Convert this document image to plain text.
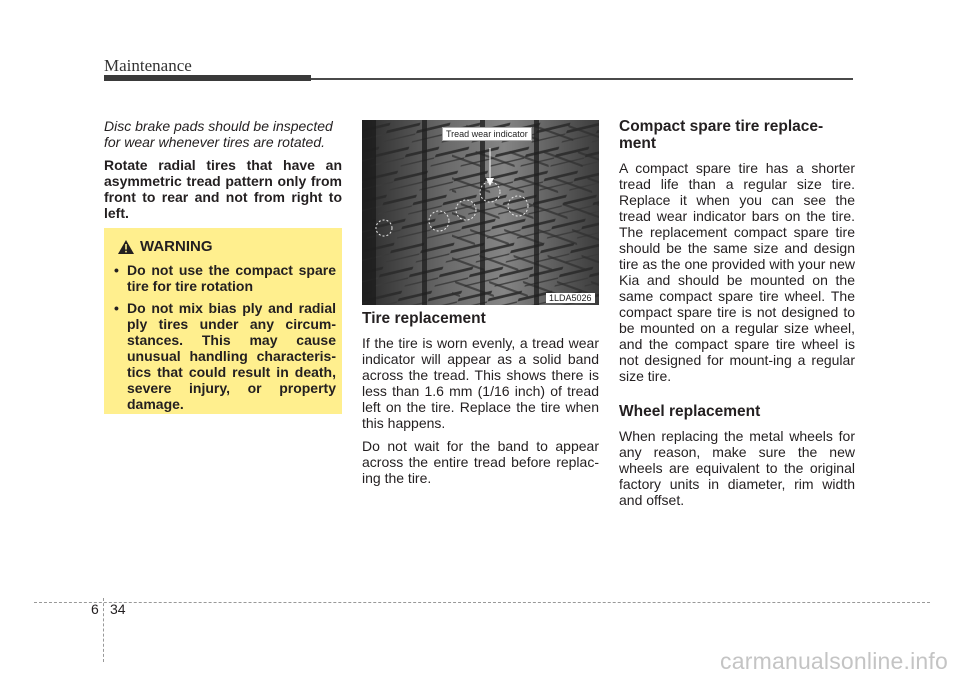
Maintenance

Disc brake pads should be inspected for wear whenever tires are rotated.

Rotate radial tires that have an asymmetric tread pattern only from front to rear and not from right to left.

WARNING
• Do not use the compact spare tire for tire rotation
• Do not mix bias ply and radial ply tires under any circum-stances. This may cause unusual handling characteris-tics that could result in death, severe injury, or property damage.
Tread wear indicator
1LDA5026
Tire replacement

If the tire is worn evenly, a tread wear indicator will appear as a solid band across the tread. This shows there is less than 1.6 mm (1/16 inch) of tread left on the tire. Replace the tire when this happens.

Do not wait for the band to appear across the entire tread before replac-ing the tire.

Compact spare tire replace-ment

A compact spare tire has a shorter tread life than a regular size tire. Replace it when you can see the tread wear indicator bars on the tire. The replacement compact spare tire should be the same size and design tire as the one provided with your new Kia and should be mounted on the same compact spare tire wheel. The compact spare tire is not designed to be mounted on a regular size wheel, and the compact spare tire wheel is not designed for mount-ing a regular size tire.

Wheel replacement

When replacing the metal wheels for any reason, make sure the new wheels are equivalent to the original factory units in diameter, rim width and offset.

6 34
carmanualsonline.info
